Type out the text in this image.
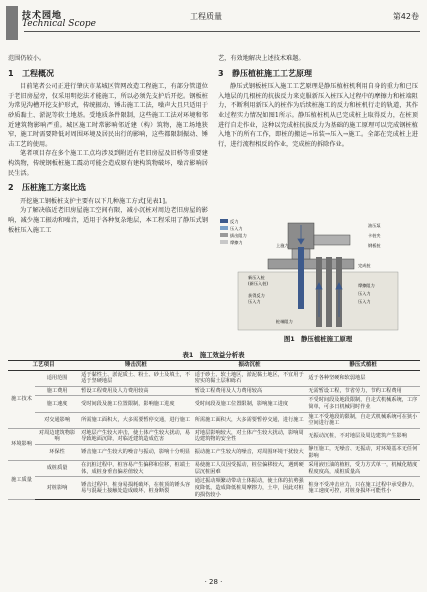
技术园地
Technical Scope
工程质量	第42卷

范围仍较小。

1 工程概况

目前笔者公司正进行肇庆市某城区管网改造工程施工，有部分管道位于老旧房屋旁，仅采用明挖法才能施工，所以必须先支护后开挖。钢板桩为常见沟槽开挖支护形式，传统振动、锤击施工工法，噪声大且只适用于砂质黏土、淤泥等软土地基。受地质条件限制，这些施工工法对环境和邻近建筑物影响严重。城区施工时常影响邻近建（构）筑物，施工场地狭窄，施工时需要降低对周围环境及居民出行的影响，这些都限制振动、锤击工艺的使用。

笔者项目存在多个施工工点均涉及到附近有老旧房屋及旧桥等重要建构筑物，传统钢板桩施工震动可能会造成原有建构筑物破坏，噪音影响居民生活。

2 压桩施工方案比选

开挖施工钢板桩支护主要有以下几种施工方式[见表1]。

为了解决临近老旧房屋施工空间有限，减小沉桩对周边老旧房屋的影响，减少施工振动和噪音，适用于各种复杂地层，本工程采用了静压式钢板桩压入施工工

艺，有效地解决上述技术难题。

3 静压植桩施工工艺原理

静压式钢板桩压入施工工艺原理是静压植桩机利用自身的重力和已压入地层的几根桩的抗拔反力来克服新压入桩压入过程中的摩擦力和桩端阻力，不断利用新压入的桩作为后续桩施工的反力和桩机行走的轨道，其作业过程实力情况如图1所示。静压植桩机从已完成桩上取得反力，在桩顶进行自走作业，这种以完成桩抗拔反力为基础的施工原理可以完成钢桩植入地下的所有工作，即桩的搬运→吊装→压入→施工。全部在完成桩上进行，进行流程相反的作业，完成桩的拆除作业。

反力
压入力
拔出阻力
摩擦力
油压泵
卡桩夹
钢板桩
上施力
完成桩
新压入桩
(新压入桩)
获得反力
压入力
桩端阻力
摩擦阻力
压入力
压入力
图1　静压植桩施工原理
表1　施工效益分析表
工艺项目		锤击沉桩	振动沉桩	静压式植桩
施工技术	适用范围	适于黏性土、淤泥质土、粉土、砂土及填土，不适于坚硬地层	适于砂土、软土地区，淤泥黏土地区，不宜用于密实的黏土层和砾石	适于各种坚硬和软弱地层
	施工费用	暂设工程费用及人力费用较高	暂设工程费用及人力费用较高	无需暂设工程，节省劳力，节约工程费用
	施工速度	受时间段及施工位置限制，影响施工进度	受时间段及施工位置限制，影响施工进度	不受时间段及地段限制，自走式机械系统，工序简单，可多日机械同时作业
	对交通影响	所需施工面积大，大多需要暂停交通，进行施工	所需施工面积大，大多需要暂停交通，进行施工	施工不受地段的限制，自走式机械系统可在狭小空间进行施工
环境影响	对周边建筑物影响	对地层产生较大冲击，使土体产生较大扰动，易导致地面沉降，对临近建筑造成危害	对地层影响较大，对土体产生较大扰动，影响周边建筑物的安全性	无振动沉桩，不对地层及周边建筑产生影响
	环保性	锤击施工产生较大的噪音与振动，影响十分明显	振动施工产生较大的噪音，对周围环境干扰较大	静压施工，无噪音、无振动，对环境基本无任何影响
施工质量	成桩质量	在沉桩过程中，桩容易产生偏移和位移，桩端土体，成桩身垂直偏差值较大	易使施工人员因受振动，桩位偏移较大，遇到硬层沉桩困难	采用液压油的植桩，受力方式单一，机械化精度程度度高，成桩质量高
	对桩影响	锤击过程中，桩身易损耗破坏，在桩顶的锤头容易与混凝土接触处造成破坏，桩身断裂	通过振动频繁动带动土体振动，使土体的抗剪强度降低，造成降低桩周摩擦力，土中，因此对桩的损伤较小	桩身不受冲击应力，只在施工过程中承受静力，施工速度可控，对桩身损坏可能性小
· 28 ·
